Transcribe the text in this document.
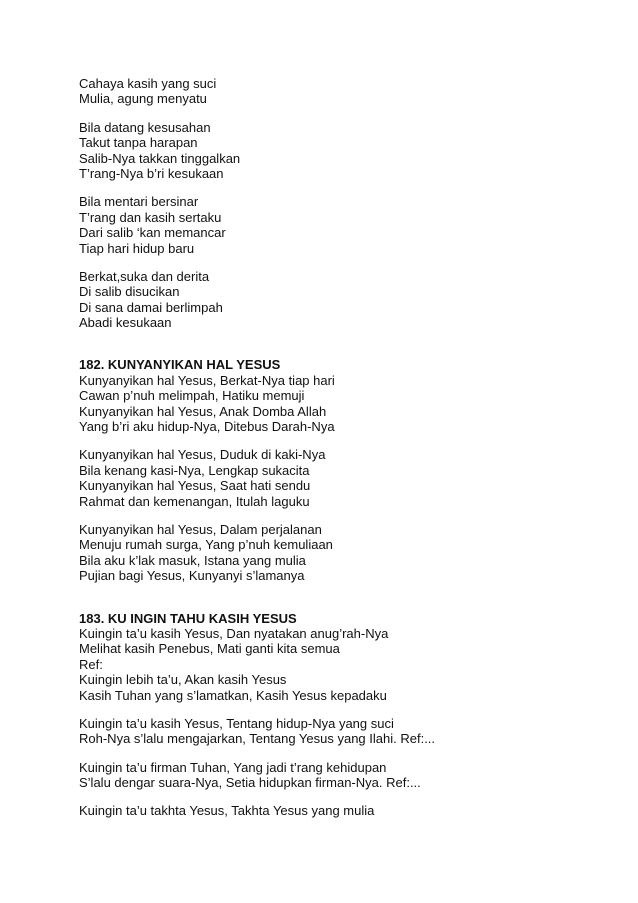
Cahaya kasih yang suci
Mulia, agung menyatu
Bila datang kesusahan
Takut tanpa harapan
Salib-Nya takkan tinggalkan
T’rang-Nya b’ri kesukaan
Bila mentari bersinar
T’rang dan kasih sertaku
Dari salib ‘kan memancar
Tiap hari hidup baru
Berkat,suka dan derita
Di salib disucikan
Di sana damai berlimpah
Abadi kesukaan
182. KUNYANYIKAN HAL YESUS
Kunyanyikan hal Yesus, Berkat-Nya tiap hari
Cawan p’nuh melimpah, Hatiku memuji
Kunyanyikan hal Yesus, Anak Domba Allah
Yang b’ri aku hidup-Nya, Ditebus Darah-Nya
Kunyanyikan hal Yesus, Duduk di kaki-Nya
Bila kenang kasi-Nya, Lengkap sukacita
Kunyanyikan hal Yesus, Saat hati sendu
Rahmat dan kemenangan, Itulah laguku
Kunyanyikan hal Yesus, Dalam perjalanan
Menuju rumah surga, Yang p’nuh kemuliaan
Bila aku k’lak masuk, Istana yang mulia
Pujian bagi Yesus, Kunyanyi s’lamanya
183. KU INGIN TAHU KASIH YESUS
Kuingin ta’u kasih Yesus, Dan nyatakan anug’rah-Nya
Melihat kasih Penebus, Mati ganti kita semua
Ref:
Kuingin lebih ta’u, Akan kasih Yesus
Kasih Tuhan yang s’lamatkan, Kasih Yesus kepadaku
Kuingin ta’u kasih Yesus, Tentang hidup-Nya yang suci
Roh-Nya s’lalu mengajarkan, Tentang Yesus yang Ilahi. Ref:...
Kuingin ta’u firman Tuhan, Yang jadi t’rang kehidupan
S’lalu dengar suara-Nya, Setia hidupkan firman-Nya. Ref:...
Kuingin ta’u takhta Yesus, Takhta Yesus yang mulia
